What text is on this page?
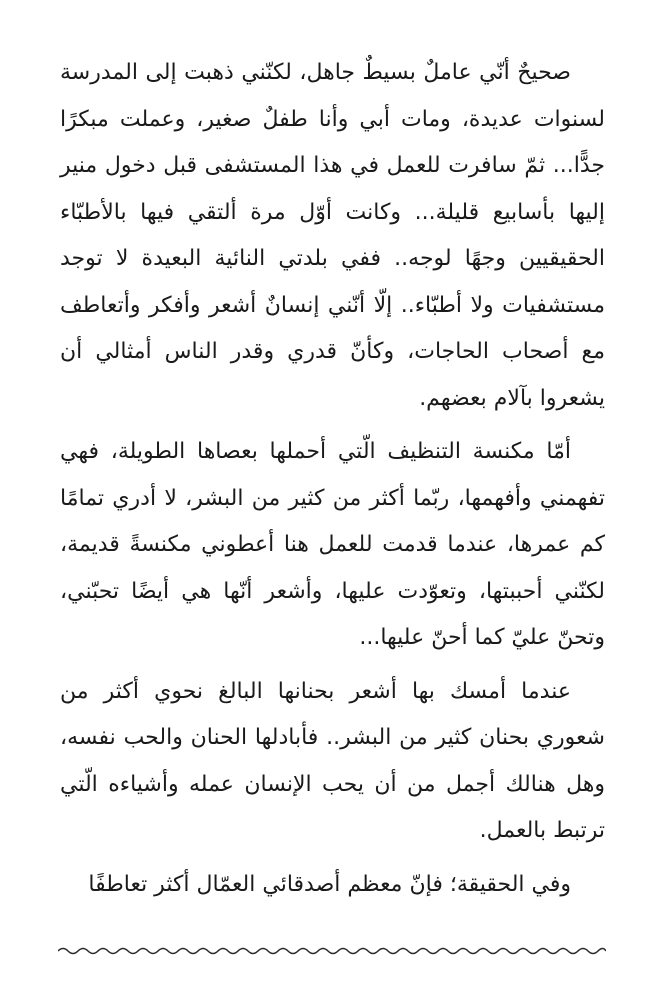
صحيحٌ أنّي عاملٌ بسيطٌ جاهل، لكنّني ذهبت إلى المدرسة لسنوات عديدة، ومات أبي وأنا طفلٌ صغير، وعملت مبكرًا جدًّا... ثمّ سافرت للعمل في هذا المستشفى قبل دخول منير إليها بأسابيع قليلة... وكانت أوّل مرة ألتقي فيها بالأطبّاء الحقيقيين وجهًا لوجه.. ففي بلدتي النائية البعيدة لا توجد مستشفيات ولا أطبّاء.. إلّا أنّني إنسانٌ أشعر وأفكر وأتعاطف مع أصحاب الحاجات، وكأنّ قدري وقدر الناس أمثالي أن يشعروا بآلام بعضهم.

أمّا مكنسة التنظيف الّتي أحملها بعصاها الطويلة، فهي تفهمني وأفهمها، ربّما أكثر من كثير من البشر، لا أدري تمامًا كم عمرها، عندما قدمت للعمل هنا أعطوني مكنسةً قديمة، لكنّني أحببتها، وتعوّدت عليها، وأشعر أنّها هي أيضًا تحبّني، وتحنّ عليّ كما أحنّ عليها...

عندما أمسك بها أشعر بحنانها البالغ نحوي أكثر من شعوري بحنان كثير من البشر.. فأبادلها الحنان والحب نفسه، وهل هنالك أجمل من أن يحب الإنسان عمله وأشياءه الّتي ترتبط بالعمل.

وفي الحقيقة؛ فإنّ معظم أصدقائي العمّال أكثر تعاطفًا
